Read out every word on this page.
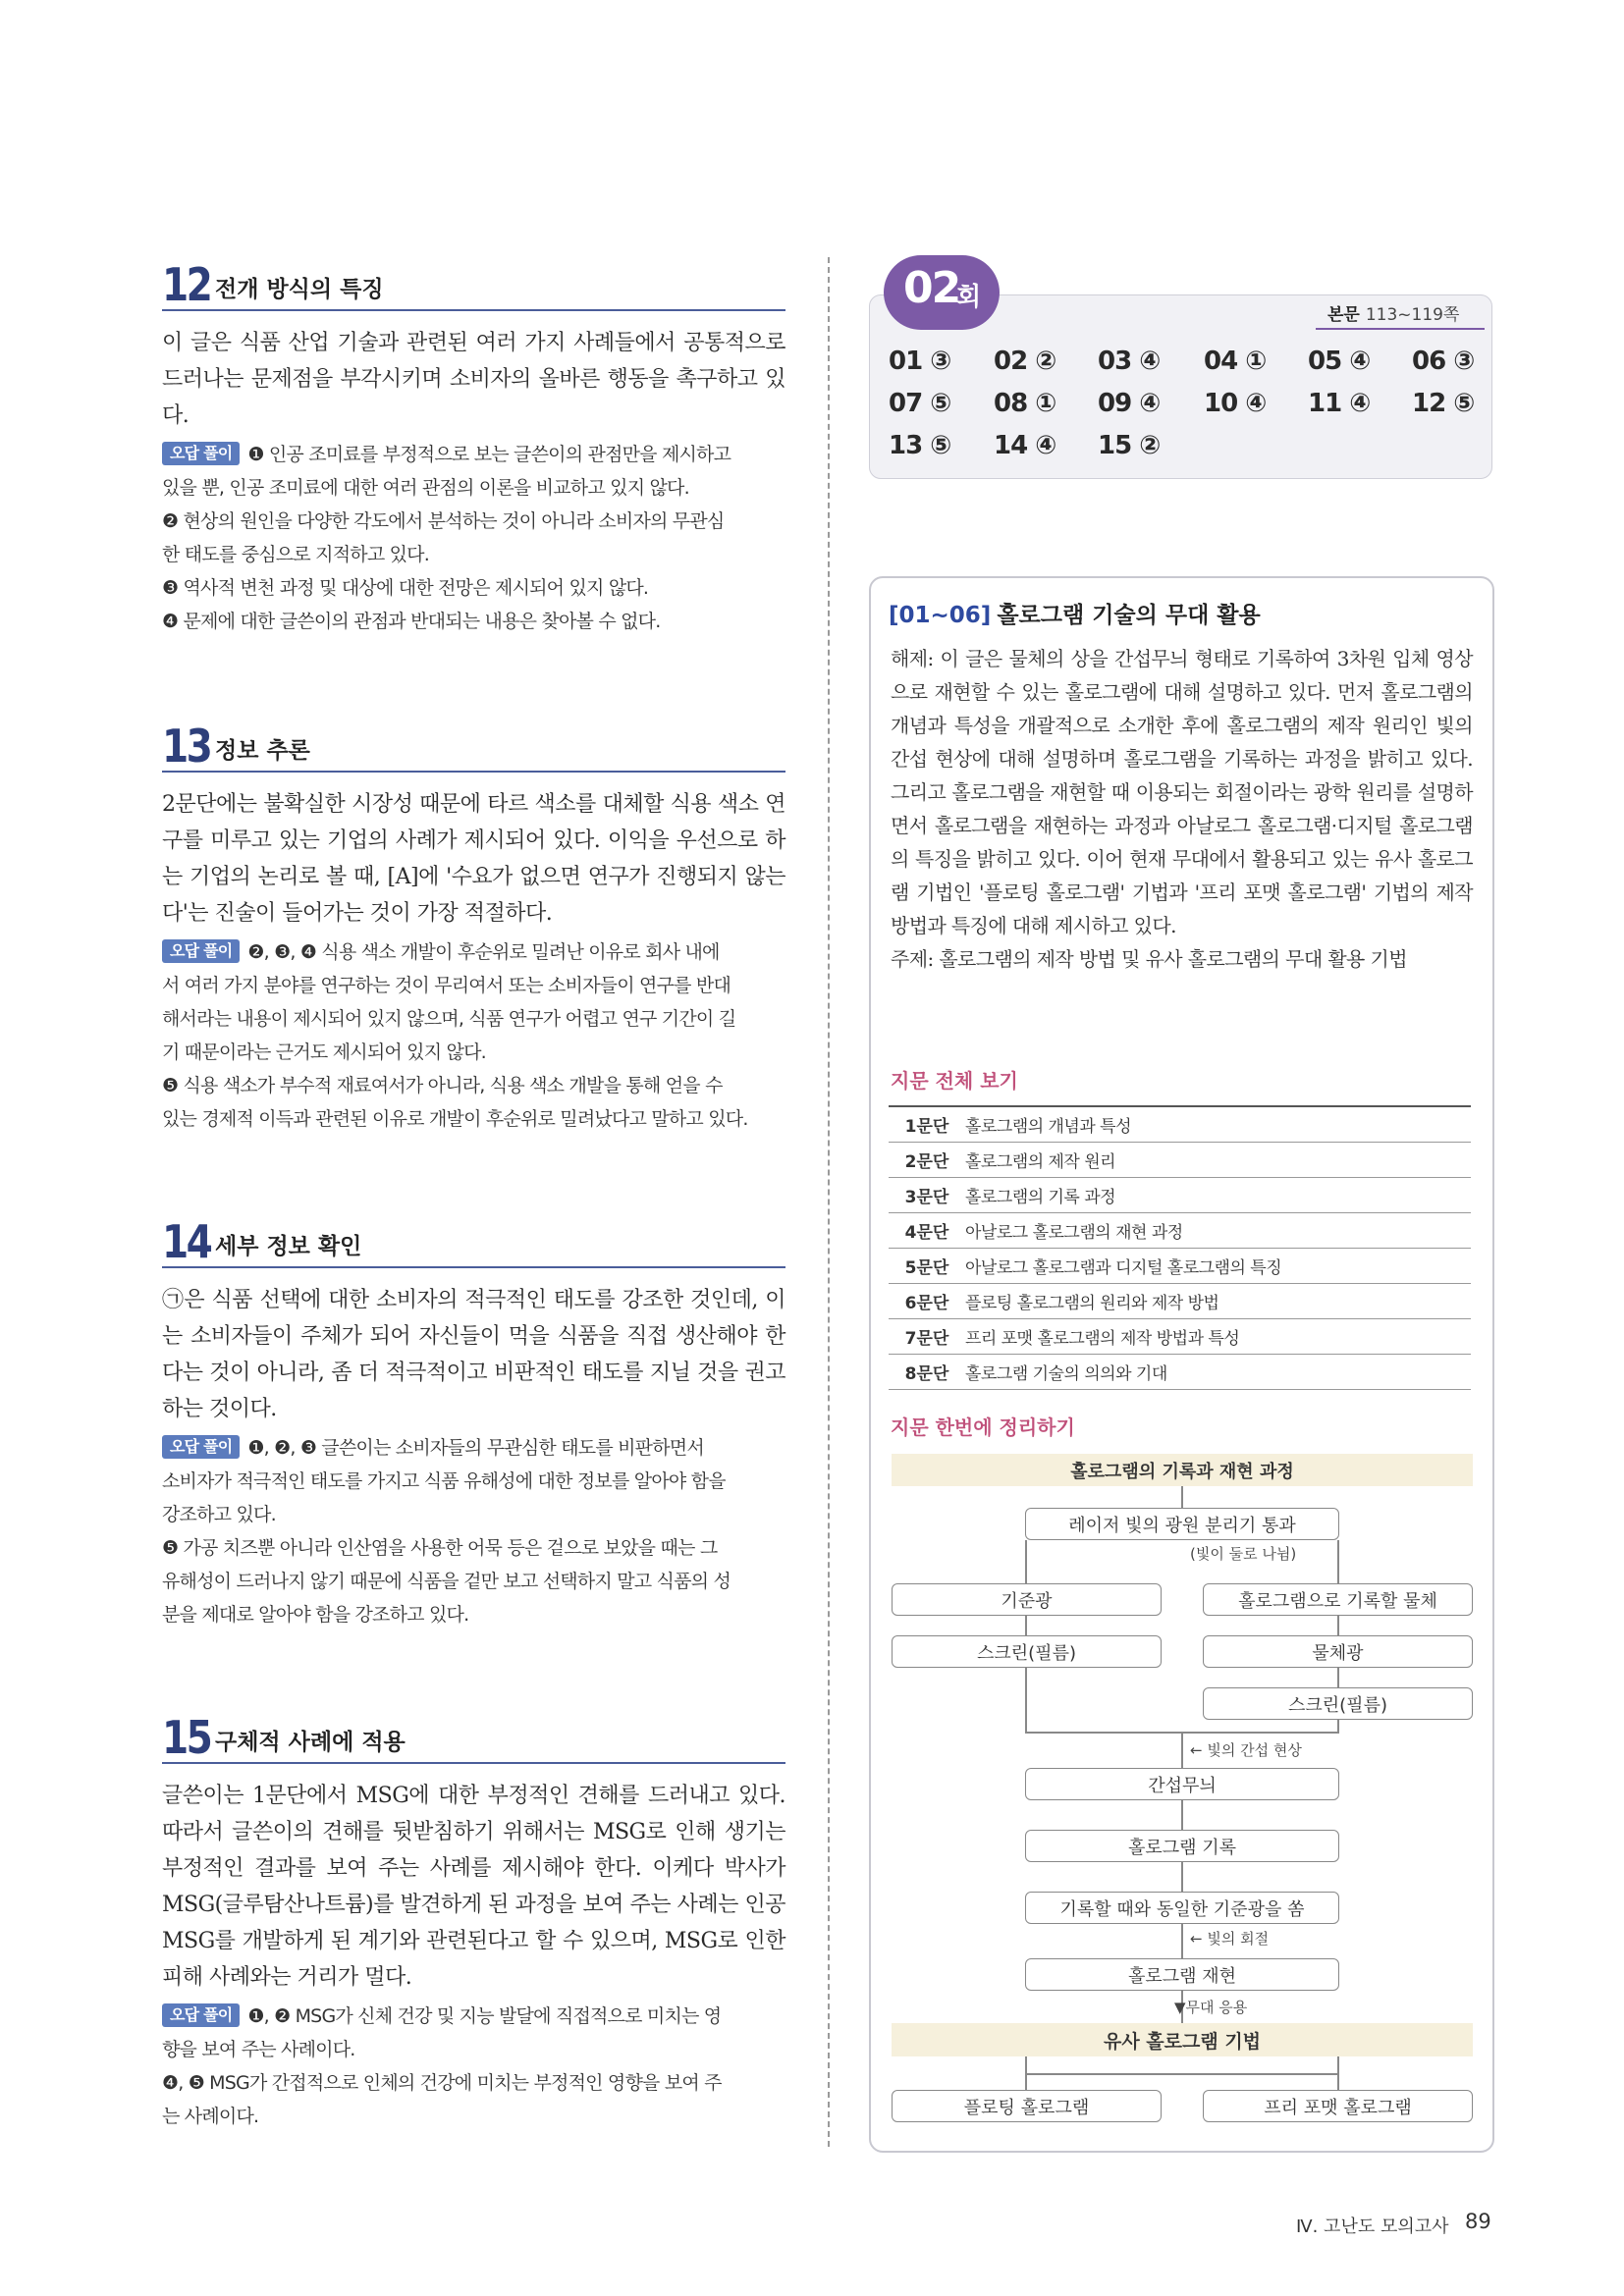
12 전개 방식의 특징
이 글은 식품 산업 기술과 관련된 여러 가지 사례들에서 공통적으로 드러나는 문제점을 부각시키며 소비자의 올바른 행동을 촉구하고 있다.
오답 풀이 ❶ 인공 조미료를 부정적으로 보는 글쓴이의 관점만을 제시하고
있을 뿐, 인공 조미료에 대한 여러 관점의 이론을 비교하고 있지 않다.
❷ 현상의 원인을 다양한 각도에서 분석하는 것이 아니라 소비자의 무관심
한 태도를 중심으로 지적하고 있다.
❸ 역사적 변천 과정 및 대상에 대한 전망은 제시되어 있지 않다.
❹ 문제에 대한 글쓴이의 관점과 반대되는 내용은 찾아볼 수 없다.
13 정보 추론
2문단에는 불확실한 시장성 때문에 타르 색소를 대체할 식용 색소 연구를 미루고 있는 기업의 사례가 제시되어 있다. 이익을 우선으로 하는 기업의 논리로 볼 때, [A]에 '수요가 없으면 연구가 진행되지 않는다'는 진술이 들어가는 것이 가장 적절하다.
오답 풀이 ❷, ❸, ❹ 식용 색소 개발이 후순위로 밀려난 이유로 회사 내에
서 여러 가지 분야를 연구하는 것이 무리여서 또는 소비자들이 연구를 반대
해서라는 내용이 제시되어 있지 않으며, 식품 연구가 어렵고 연구 기간이 길
기 때문이라는 근거도 제시되어 있지 않다.
❺ 식용 색소가 부수적 재료여서가 아니라, 식용 색소 개발을 통해 얻을 수
있는 경제적 이득과 관련된 이유로 개발이 후순위로 밀려났다고 말하고 있다.
14 세부 정보 확인
㉠은 식품 선택에 대한 소비자의 적극적인 태도를 강조한 것인데, 이는 소비자들이 주체가 되어 자신들이 먹을 식품을 직접 생산해야 한다는 것이 아니라, 좀 더 적극적이고 비판적인 태도를 지닐 것을 권고하는 것이다.
오답 풀이 ❶, ❷, ❸ 글쓴이는 소비자들의 무관심한 태도를 비판하면서
소비자가 적극적인 태도를 가지고 식품 유해성에 대한 정보를 알아야 함을
강조하고 있다.
❺ 가공 치즈뿐 아니라 인산염을 사용한 어묵 등은 겉으로 보았을 때는 그
유해성이 드러나지 않기 때문에 식품을 겉만 보고 선택하지 말고 식품의 성
분을 제대로 알아야 함을 강조하고 있다.
15 구체적 사례에 적용
글쓴이는 1문단에서 MSG에 대한 부정적인 견해를 드러내고 있다. 따라서 글쓴이의 견해를 뒷받침하기 위해서는 MSG로 인해 생기는 부정적인 결과를 보여 주는 사례를 제시해야 한다. 이케다 박사가 MSG(글루탐산나트륨)를 발견하게 된 과정을 보여 주는 사례는 인공 MSG를 개발하게 된 계기와 관련된다고 할 수 있으며, MSG로 인한 피해 사례와는 거리가 멀다.
오답 풀이 ❶, ❷ MSG가 신체 건강 및 지능 발달에 직접적으로 미치는 영
향을 보여 주는 사례이다.
❹, ❺ MSG가 간접적으로 인체의 건강에 미치는 부정적인 영향을 보여 주
는 사례이다.
02
회
본문 113~119쪽
01 ③ 02 ② 03 ④ 04 ① 05 ④ 06 ③
07 ⑤ 08 ① 09 ④ 10 ④ 11 ④ 12 ⑤
13 ⑤ 14 ④ 15 ②
[01~06] 홀로그램 기술의 무대 활용
해제: 이 글은 물체의 상을 간섭무늬 형태로 기록하여 3차원 입체 영상으로 재현할 수 있는 홀로그램에 대해 설명하고 있다. 먼저 홀로그램의 개념과 특성을 개괄적으로 소개한 후에 홀로그램의 제작 원리인 빛의 간섭 현상에 대해 설명하며 홀로그램을 기록하는 과정을 밝히고 있다. 그리고 홀로그램을 재현할 때 이용되는 회절이라는 광학 원리를 설명하면서 홀로그램을 재현하는 과정과 아날로그 홀로그램·디지털 홀로그램의 특징을 밝히고 있다. 이어 현재 무대에서 활용되고 있는 유사 홀로그램 기법인 '플로팅 홀로그램' 기법과 '프리 포맷 홀로그램' 기법의 제작 방법과 특징에 대해 제시하고 있다.
주제: 홀로그램의 제작 방법 및 유사 홀로그램의 무대 활용 기법
지문 전체 보기
1문단 홀로그램의 개념과 특성
2문단 홀로그램의 제작 원리
3문단 홀로그램의 기록 과정
4문단 아날로그 홀로그램의 재현 과정
5문단 아날로그 홀로그램과 디지털 홀로그램의 특징
6문단 플로팅 홀로그램의 원리와 제작 방법
7문단 프리 포맷 홀로그램의 제작 방법과 특성
8문단 홀로그램 기술의 의의와 기대
지문 한번에 정리하기
홀로그램의 기록과 재현 과정
레이저 빛의 광원 분리기 통과
(빛이 둘로 나뉨)
기준광	홀로그램으로 기록할 물체
스크린(필름)	물체광
스크린(필름)
← 빛의 간섭 현상
간섭무늬
홀로그램 기록
기록할 때와 동일한 기준광을 쏨
← 빛의 회절
홀로그램 재현
▼무대 응용
유사 홀로그램 기법
플로팅 홀로그램	프리 포맷 홀로그램
Ⅳ. 고난도 모의고사 89
